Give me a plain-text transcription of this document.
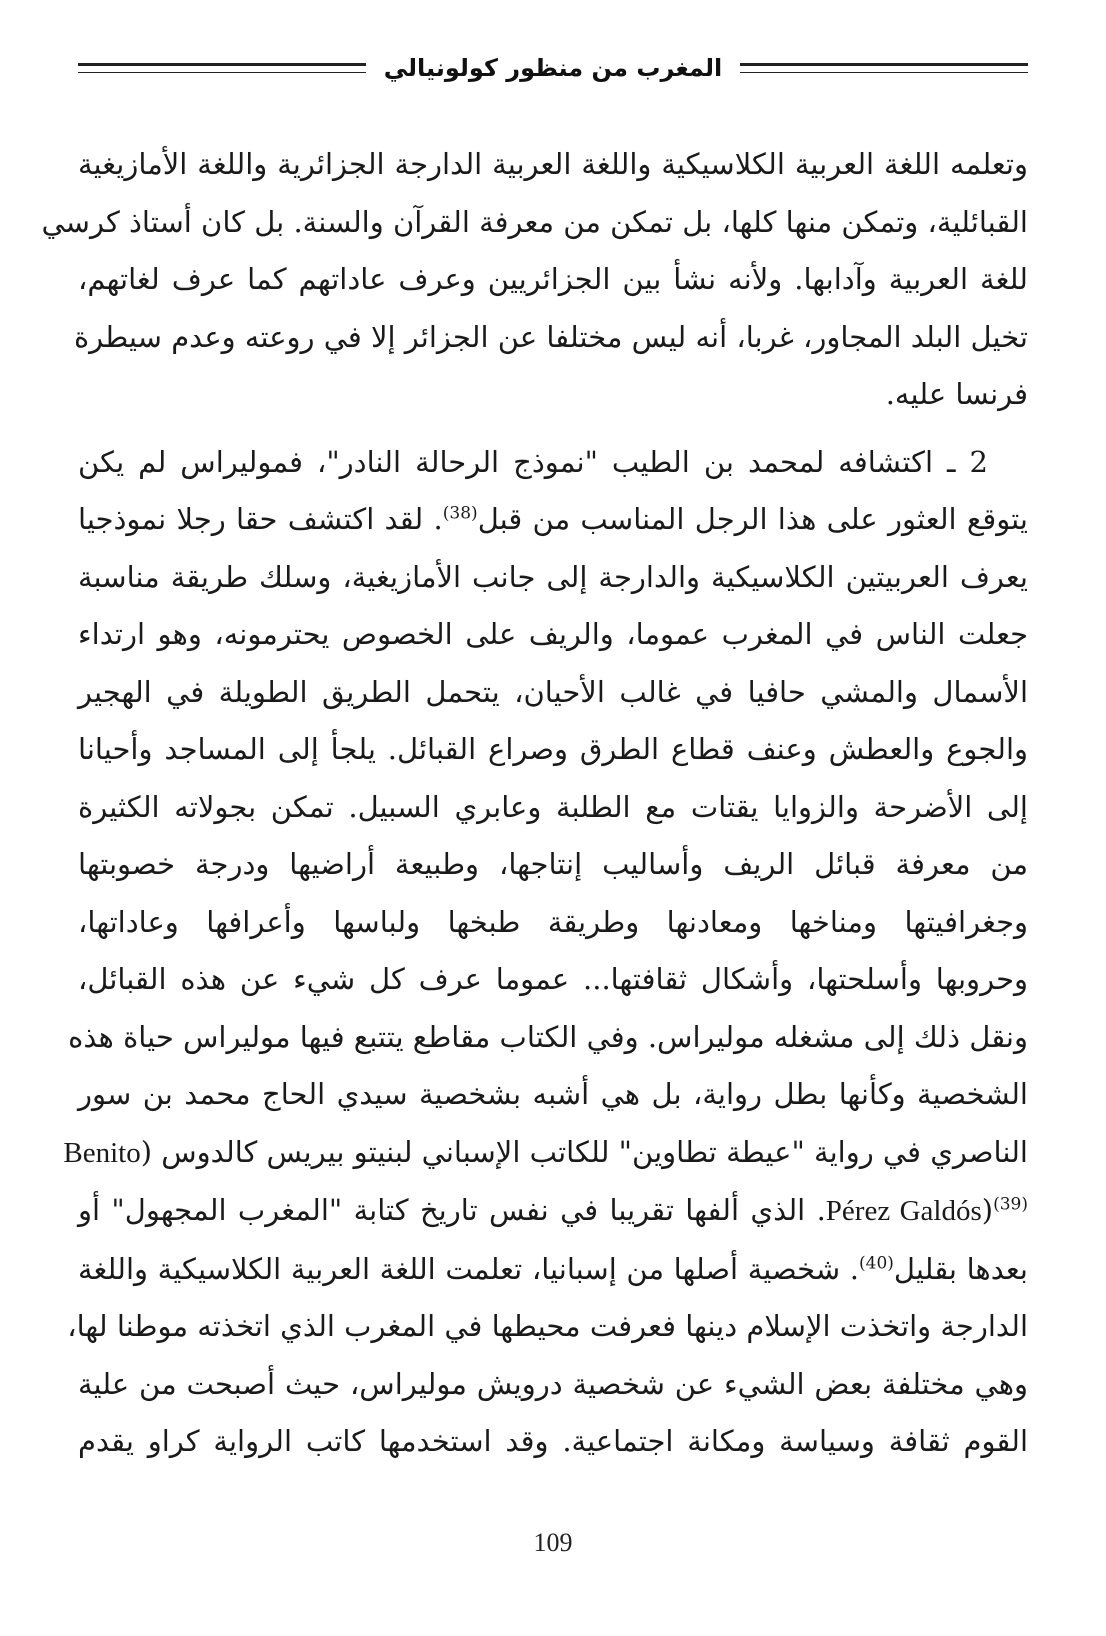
المغرب من منظور كولونيالي
وتعلمه اللغة العربية الكلاسيكية واللغة العربية الدارجة الجزائرية واللغة الأمازيغية
القبائلية، وتمكن منها كلها، بل تمكن من معرفة القرآن والسنة. بل كان أستاذ كرسي
للغة العربية وآدابها. ولأنه نشأ بين الجزائريين وعرف عاداتهم كما عرف لغاتهم،
تخيل البلد المجاور، غربا، أنه ليس مختلفا عن الجزائر إلا في روعته وعدم سيطرة
فرنسا عليه.
2 ـ اكتشافه لمحمد بن الطيب "نموذج الرحالة النادر"، فموليراس لم يكن
يتوقع العثور على هذا الرجل المناسب من قبل$^{(38)}$. لقد اكتشف حقا رجلا نموذجيا
يعرف العربيتين الكلاسيكية والدارجة إلى جانب الأمازيغية، وسلك طريقة مناسبة
جعلت الناس في المغرب عموما، والريف على الخصوص يحترمونه، وهو ارتداء
الأسمال والمشي حافيا في غالب الأحيان، يتحمل الطريق الطويلة في الهجير
والجوع والعطش وعنف قطاع الطرق وصراع القبائل. يلجأ إلى المساجد وأحيانا
إلى الأضرحة والزوايا يقتات مع الطلبة وعابري السبيل. تمكن بجولاته الكثيرة
من معرفة قبائل الريف وأساليب إنتاجها، وطبيعة أراضيها ودرجة خصوبتها
وجغرافيتها ومناخها ومعادنها وطريقة طبخها ولباسها وأعرافها وعاداتها،
وحروبها وأسلحتها، وأشكال ثقافتها... عموما عرف كل شيء عن هذه القبائل،
ونقل ذلك إلى مشغله موليراس. وفي الكتاب مقاطع يتتبع فيها موليراس حياة هذه
الشخصية وكأنها بطل رواية، بل هي أشبه بشخصية سيدي الحاج محمد بن سور
الناصري في رواية "عيطة تطاوين" للكاتب الإسباني لبنيتو بيريس كالدوس (Benito
Pérez Galdós)$^{(39)}$. الذي ألفها تقريبا في نفس تاريخ كتابة "المغرب المجهول" أو
بعدها بقليل$^{(40)}$. شخصية أصلها من إسبانيا، تعلمت اللغة العربية الكلاسيكية واللغة
الدارجة واتخذت الإسلام دينها فعرفت محيطها في المغرب الذي اتخذته موطنا لها،
وهي مختلفة بعض الشيء عن شخصية درويش موليراس، حيث أصبحت من علية
القوم ثقافة وسياسة ومكانة اجتماعية. وقد استخدمها كاتب الرواية كراو يقدم
109
